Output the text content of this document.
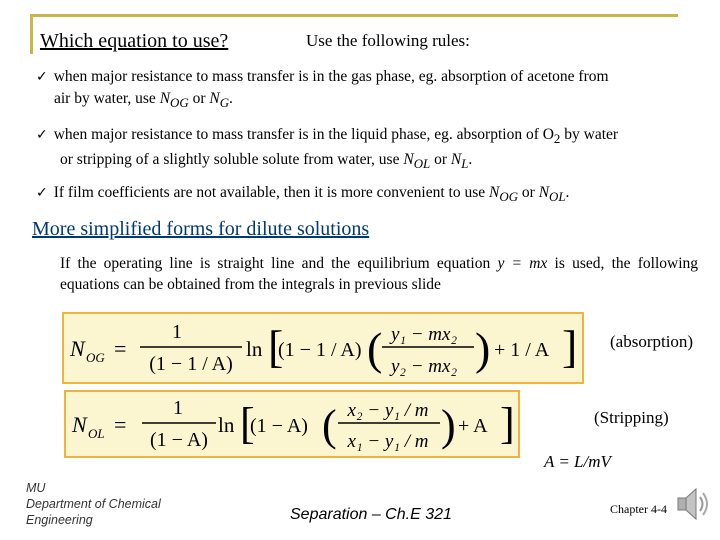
Which equation to use?	Use the following rules:
✓ when major resistance to mass transfer is in the gas phase, eg. absorption of acetone from
air by water, use $N_{OG}$ or $N_G$.
✓ when major resistance to mass transfer is in the liquid phase, eg. absorption of $O_2$ by water
or stripping of a slightly soluble solute from water, use $N_{OL}$ or $N_L$.
✓ If film coefficients are not available, then it is more convenient to use $N_{OG}$ or $N_{OL}$.
More simplified forms for dilute solutions
If the operating line is straight line and the equilibrium equation y = mx is used, the following equations can be obtained from the integrals in previous slide
N OG =
1
(1 − 1 / A)
ln [
(1 − 1 / A) ( y₁ − mx₂
y₂ − mx₂ ) + 1 / A ] (absorption)
N OL =
1
(1 − A)
ln [
(1 − A) ( x₂ − y₁ / m
x₁ − y₁ / m ) + A ]	(Stripping)
A = L/mV
MU
Department of Chemical
Engineering	Separation – Ch.E 321	Chapter 4-4
